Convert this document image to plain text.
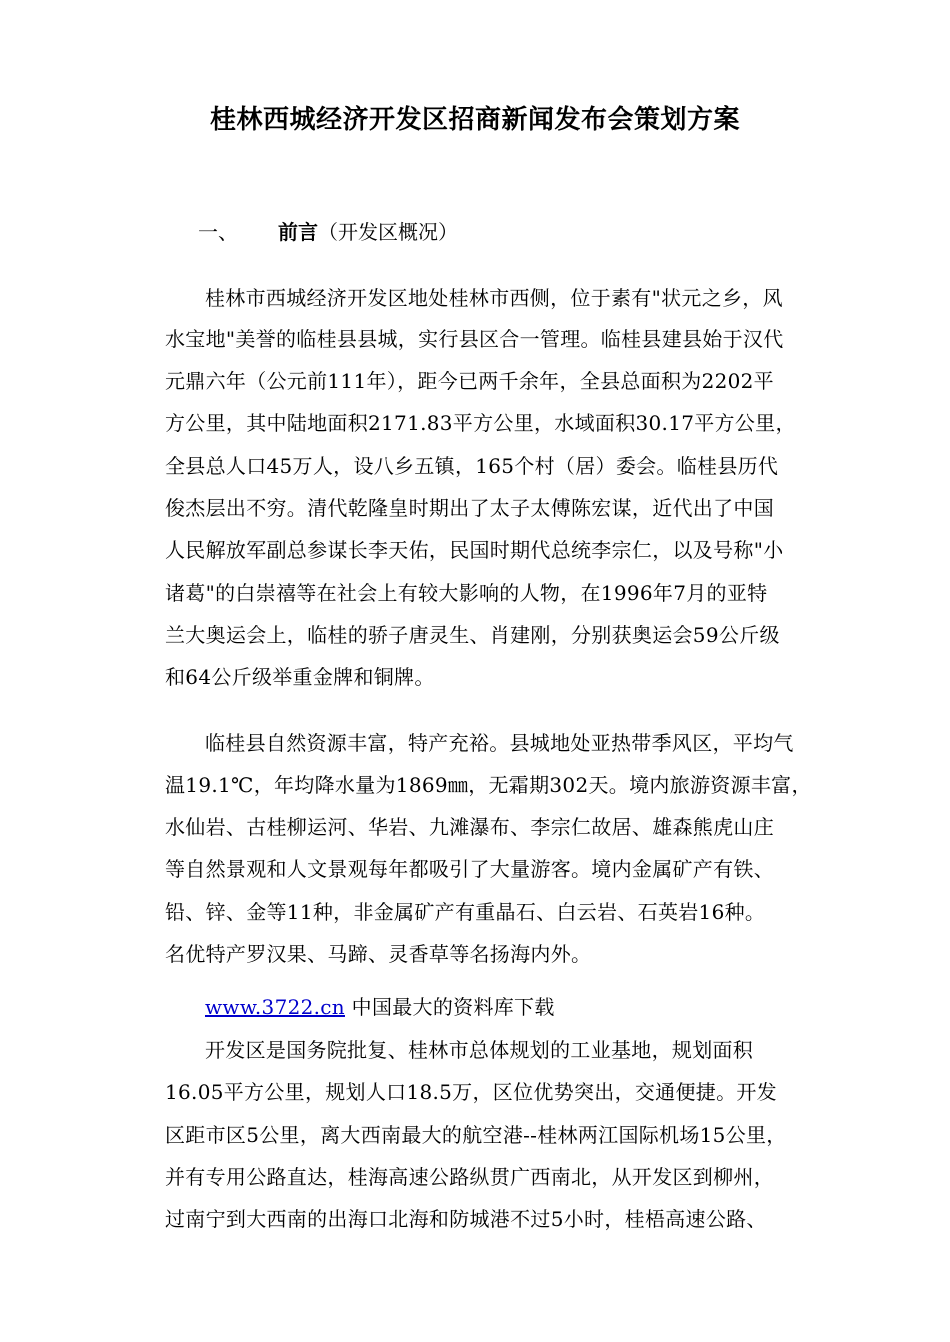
桂林西城经济开发区招商新闻发布会策划方案
一、 前言（开发区概况）
桂林市西城经济开发区地处桂林市西侧，位于素有"状元之乡，风
水宝地"美誉的临桂县县城，实行县区合一管理。临桂县建县始于汉代
元鼎六年（公元前111年），距今已两千余年，全县总面积为2202平
方公里，其中陆地面积2171.83平方公里，水域面积30.17平方公里，
全县总人口45万人，设八乡五镇，165个村（居）委会。临桂县历代
俊杰层出不穷。清代乾隆皇时期出了太子太傅陈宏谋，近代出了中国
人民解放军副总参谋长李天佑，民国时期代总统李宗仁，以及号称"小
诸葛"的白崇禧等在社会上有较大影响的人物，在1996年7月的亚特
兰大奥运会上，临桂的骄子唐灵生、肖建刚，分别获奥运会59公斤级
和64公斤级举重金牌和铜牌。
临桂县自然资源丰富，特产充裕。县城地处亚热带季风区，平均气
温19.1℃，年均降水量为1869㎜，无霜期302天。境内旅游资源丰富，
水仙岩、古桂柳运河、华岩、九滩瀑布、李宗仁故居、雄森熊虎山庄
等自然景观和人文景观每年都吸引了大量游客。境内金属矿产有铁、
铅、锌、金等11种，非金属矿产有重晶石、白云岩、石英岩16种。
名优特产罗汉果、马蹄、灵香草等名扬海内外。
www.3722.cn 中国最大的资料库下载
开发区是国务院批复、桂林市总体规划的工业基地，规划面积
16.05平方公里，规划人口18.5万，区位优势突出，交通便捷。开发
区距市区5公里，离大西南最大的航空港--桂林两江国际机场15公里，
并有专用公路直达，桂海高速公路纵贯广西南北，从开发区到柳州，
过南宁到大西南的出海口北海和防城港不过5小时，桂梧高速公路、
